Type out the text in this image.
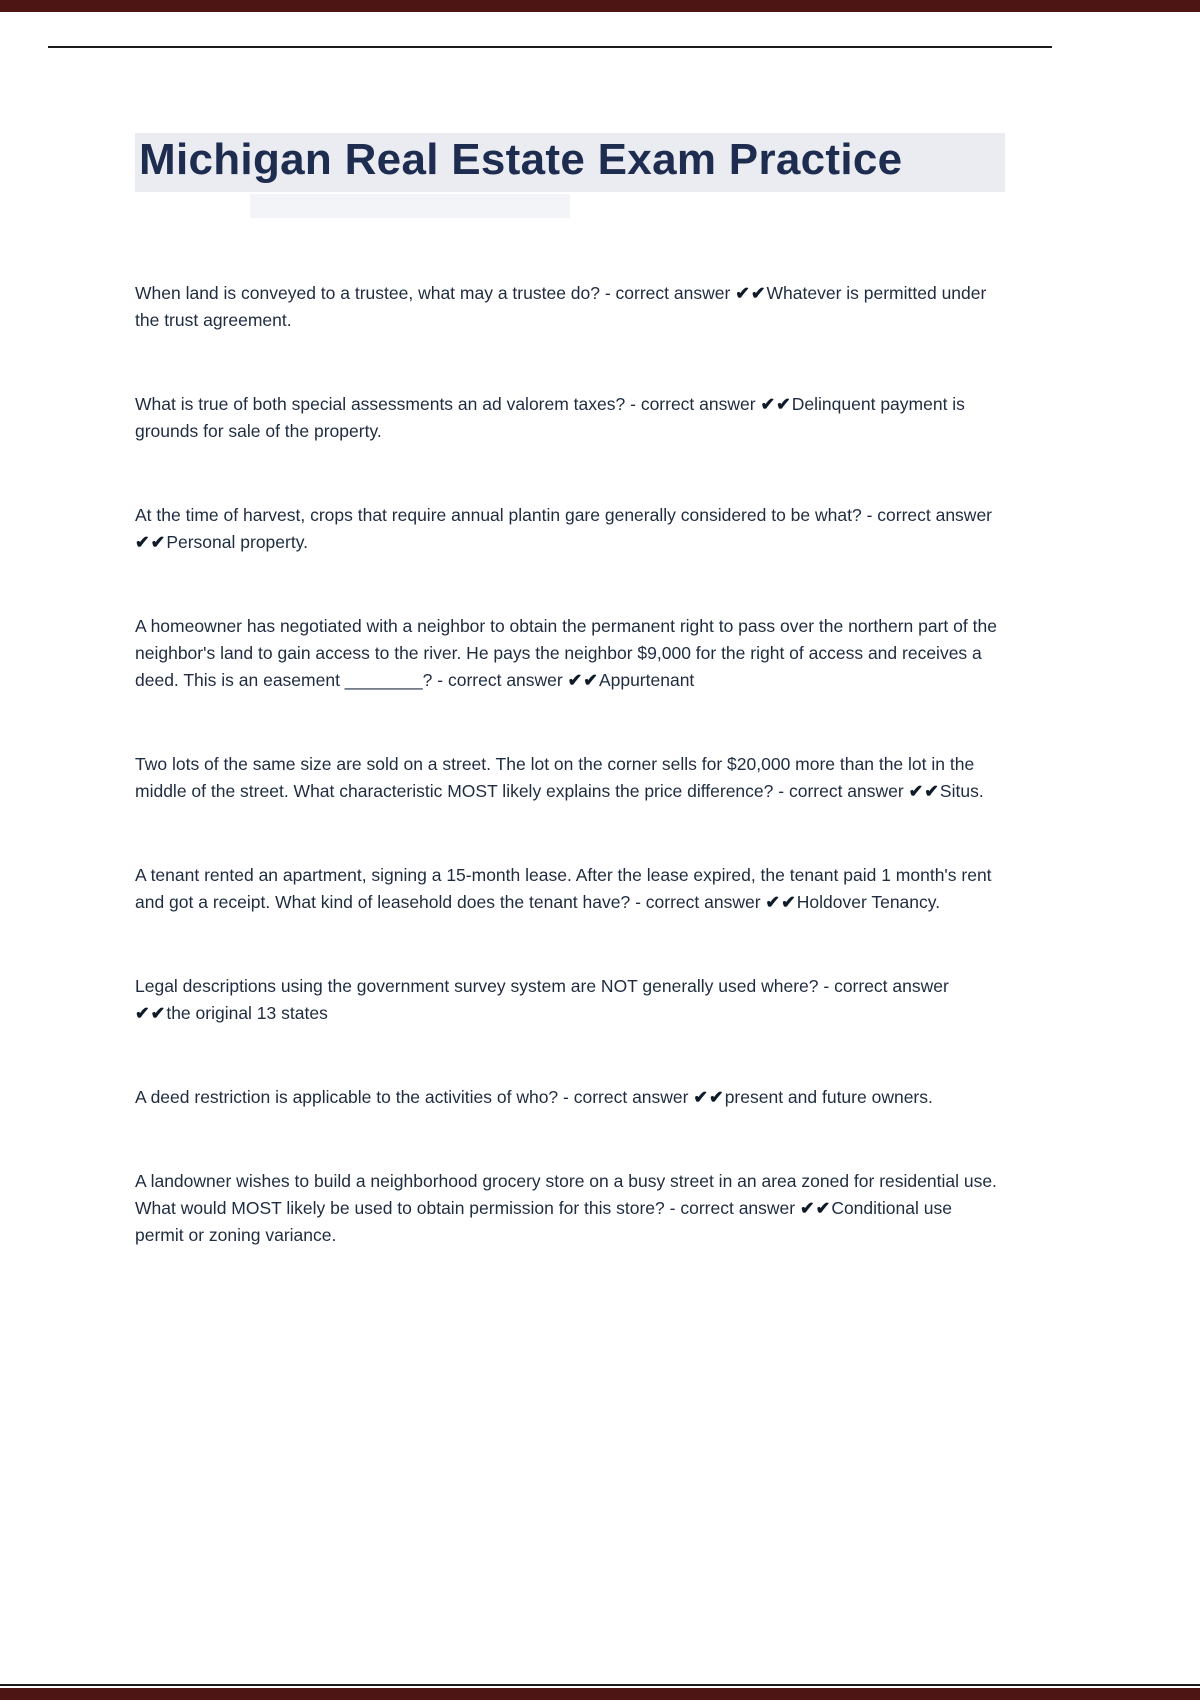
Michigan Real Estate Exam Practice

When land is conveyed to a trustee, what may a trustee do? - correct answer ✔✔Whatever is permitted under the trust agreement.

What is true of both special assessments an ad valorem taxes? - correct answer ✔✔Delinquent payment is grounds for sale of the property.

At the time of harvest, crops that require annual plantin gare generally considered to be what? - correct answer ✔✔Personal property.

A homeowner has negotiated with a neighbor to obtain the permanent right to pass over the northern part of the neighbor's land to gain access to the river. He pays the neighbor $9,000 for the right of access and receives a deed. This is an easement ________? - correct answer ✔✔Appurtenant

Two lots of the same size are sold on a street. The lot on the corner sells for $20,000 more than the lot in the middle of the street. What characteristic MOST likely explains the price difference? - correct answer ✔✔Situs.

A tenant rented an apartment, signing a 15-month lease. After the lease expired, the tenant paid 1 month's rent and got a receipt. What kind of leasehold does the tenant have? - correct answer ✔✔Holdover Tenancy.

Legal descriptions using the government survey system are NOT generally used where? - correct answer ✔✔the original 13 states

A deed restriction is applicable to the activities of who? - correct answer ✔✔present and future owners.

A landowner wishes to build a neighborhood grocery store on a busy street in an area zoned for residential use. What would MOST likely be used to obtain permission for this store? - correct answer ✔✔Conditional use permit or zoning variance.
